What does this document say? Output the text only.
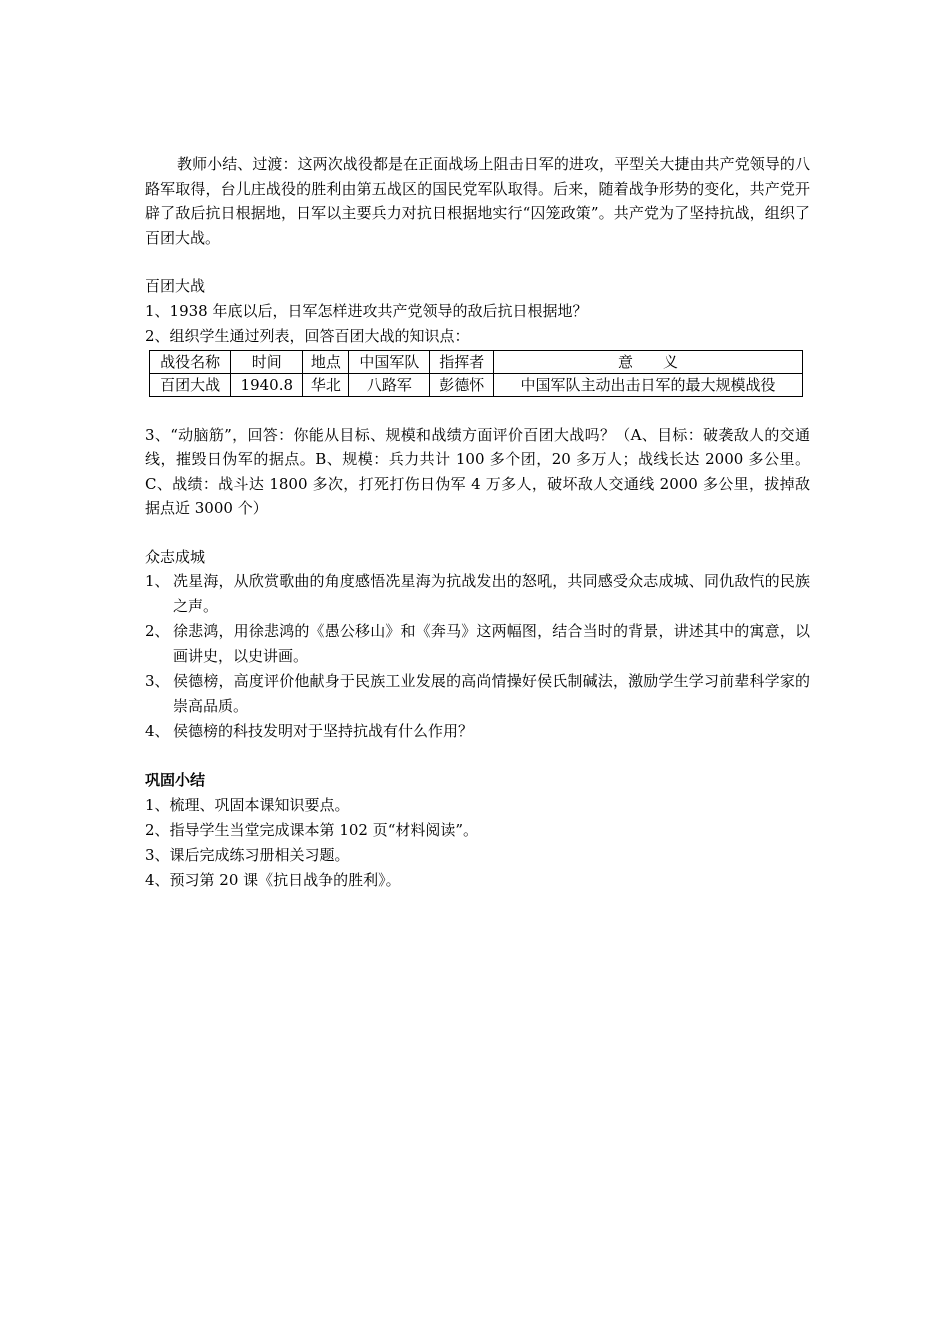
教师小结、过渡：这两次战役都是在正面战场上阻击日军的进攻，平型关大捷由共产党领导的八路军取得，台儿庄战役的胜利由第五战区的国民党军队取得。后来，随着战争形势的变化，共产党开辟了敌后抗日根据地，日军以主要兵力对抗日根据地实行“囚笼政策”。共产党为了坚持抗战，组织了百团大战。

百团大战

1、1938 年底以后，日军怎样进攻共产党领导的敌后抗日根据地？

2、组织学生通过列表，回答百团大战的知识点：

战役名称	时间	地点	中国军队	指挥者	意　　义
百团大战	1940.8	华北	八路军	彭德怀	中国军队主动出击日军的最大规模战役

3、“动脑筋”，回答：你能从目标、规模和战绩方面评价百团大战吗？（A、目标：破袭敌人的交通线，摧毁日伪军的据点。B、规模：兵力共计 100 多个团，20 多万人；战线长达 2000 多公里。C、战绩：战斗达 1800 多次，打死打伤日伪军 4 万多人，破坏敌人交通线 2000 多公里，拔掉敌据点近 3000 个）

众志成城

1、 冼星海，从欣赏歌曲的角度感悟冼星海为抗战发出的怒吼，共同感受众志成城、同仇敌忾的民族之声。
2、 徐悲鸿，用徐悲鸿的《愚公移山》和《奔马》这两幅图，结合当时的背景，讲述其中的寓意，以画讲史，以史讲画。
3、 侯德榜，高度评价他献身于民族工业发展的高尚情操好侯氏制碱法，激励学生学习前辈科学家的崇高品质。
4、 侯德榜的科技发明对于坚持抗战有什么作用？

巩固小结

1、梳理、巩固本课知识要点。

2、指导学生当堂完成课本第 102 页“材料阅读”。

3、课后完成练习册相关习题。

4、预习第 20 课《抗日战争的胜利》。
